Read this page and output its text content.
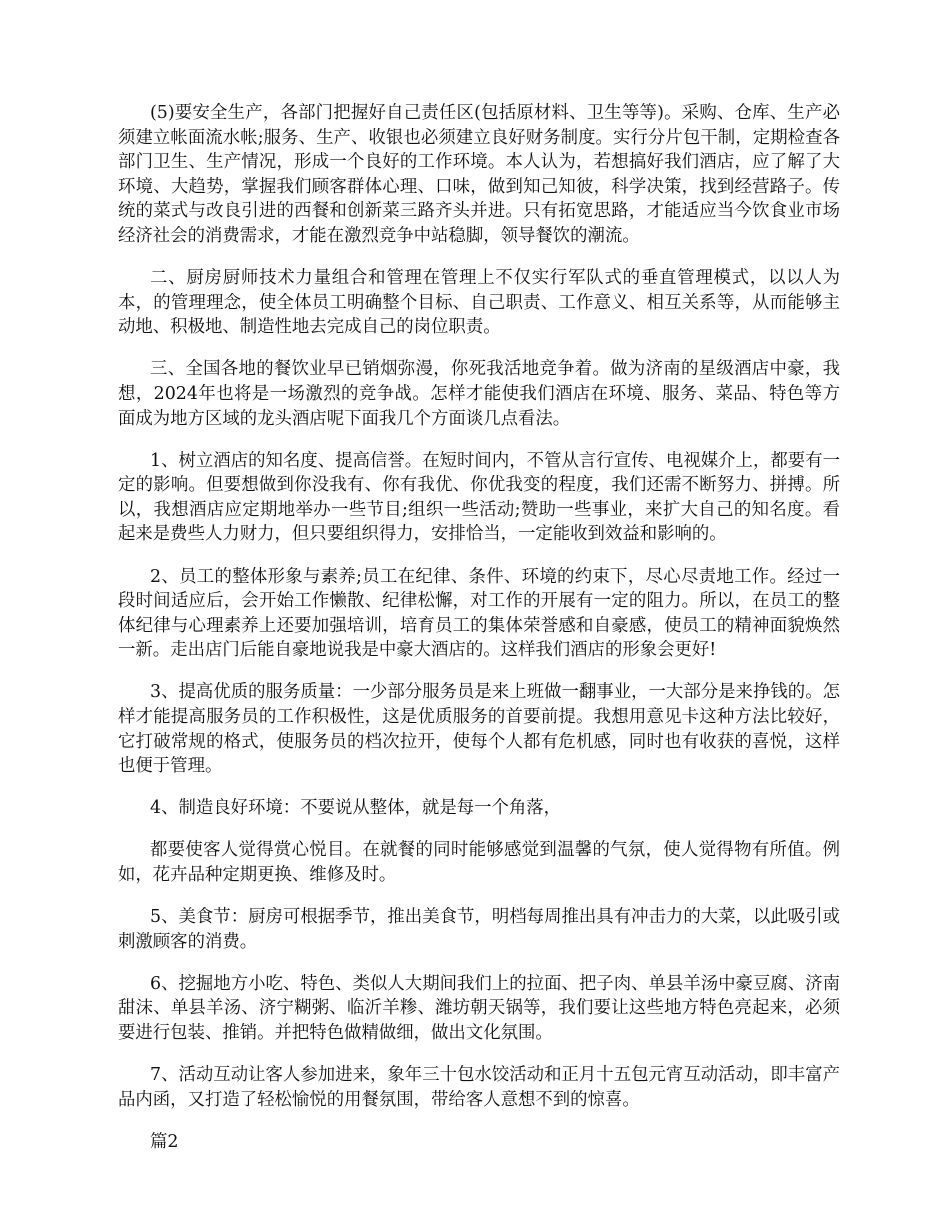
(5)要安全生产，各部门把握好自己责任区(包括原材料、卫生等等)。采购、仓库、生产必须建立帐面流水帐;服务、生产、收银也必须建立良好财务制度。实行分片包干制，定期检查各部门卫生、生产情况，形成一个良好的工作环境。本人认为，若想搞好我们酒店，应了解了大环境、大趋势，掌握我们顾客群体心理、口味，做到知己知彼，科学决策，找到经营路子。传统的菜式与改良引进的西餐和创新菜三路齐头并进。只有拓宽思路，才能适应当今饮食业市场经济社会的消费需求，才能在激烈竞争中站稳脚，领导餐饮的潮流。

二、厨房厨师技术力量组合和管理在管理上不仅实行军队式的垂直管理模式，以以人为本，的管理理念，使全体员工明确整个目标、自己职责、工作意义、相互关系等，从而能够主动地、积极地、制造性地去完成自己的岗位职责。

三、全国各地的餐饮业早已销烟弥漫，你死我活地竞争着。做为济南的星级酒店中豪，我想，2024年也将是一场激烈的竞争战。怎样才能使我们酒店在环境、服务、菜品、特色等方面成为地方区域的龙头酒店呢下面我几个方面谈几点看法。

1、树立酒店的知名度、提高信誉。在短时间内，不管从言行宣传、电视媒介上，都要有一定的影响。但要想做到你没我有、你有我优、你优我变的程度，我们还需不断努力、拼搏。所以，我想酒店应定期地举办一些节目;组织一些活动;赞助一些事业，来扩大自己的知名度。看起来是费些人力财力，但只要组织得力，安排恰当，一定能收到效益和影响的。

2、员工的整体形象与素养;员工在纪律、条件、环境的约束下，尽心尽责地工作。经过一段时间适应后，会开始工作懒散、纪律松懈，对工作的开展有一定的阻力。所以，在员工的整体纪律与心理素养上还要加强培训，培育员工的集体荣誉感和自豪感，使员工的精神面貌焕然一新。走出店门后能自豪地说我是中豪大酒店的。这样我们酒店的形象会更好!

3、提高优质的服务质量：一少部分服务员是来上班做一翻事业，一大部分是来挣钱的。怎样才能提高服务员的工作积极性，这是优质服务的首要前提。我想用意见卡这种方法比较好，它打破常规的格式，使服务员的档次拉开，使每个人都有危机感，同时也有收获的喜悦，这样也便于管理。

4、制造良好环境：不要说从整体，就是每一个角落，

都要使客人觉得赏心悦目。在就餐的同时能够感觉到温馨的气氛，使人觉得物有所值。例如，花卉品种定期更换、维修及时。

5、美食节：厨房可根据季节，推出美食节，明档每周推出具有冲击力的大菜，以此吸引或刺激顾客的消费。

6、挖掘地方小吃、特色、类似人大期间我们上的拉面、把子肉、单县羊汤中豪豆腐、济南甜沫、单县羊汤、济宁糊粥、临沂羊糁、潍坊朝天锅等，我们要让这些地方特色亮起来，必须要进行包装、推销。并把特色做精做细，做出文化氛围。

7、活动互动让客人参加进来，象年三十包水饺活动和正月十五包元宵互动活动，即丰富产品内函，又打造了轻松愉悦的用餐氛围，带给客人意想不到的惊喜。

篇2
